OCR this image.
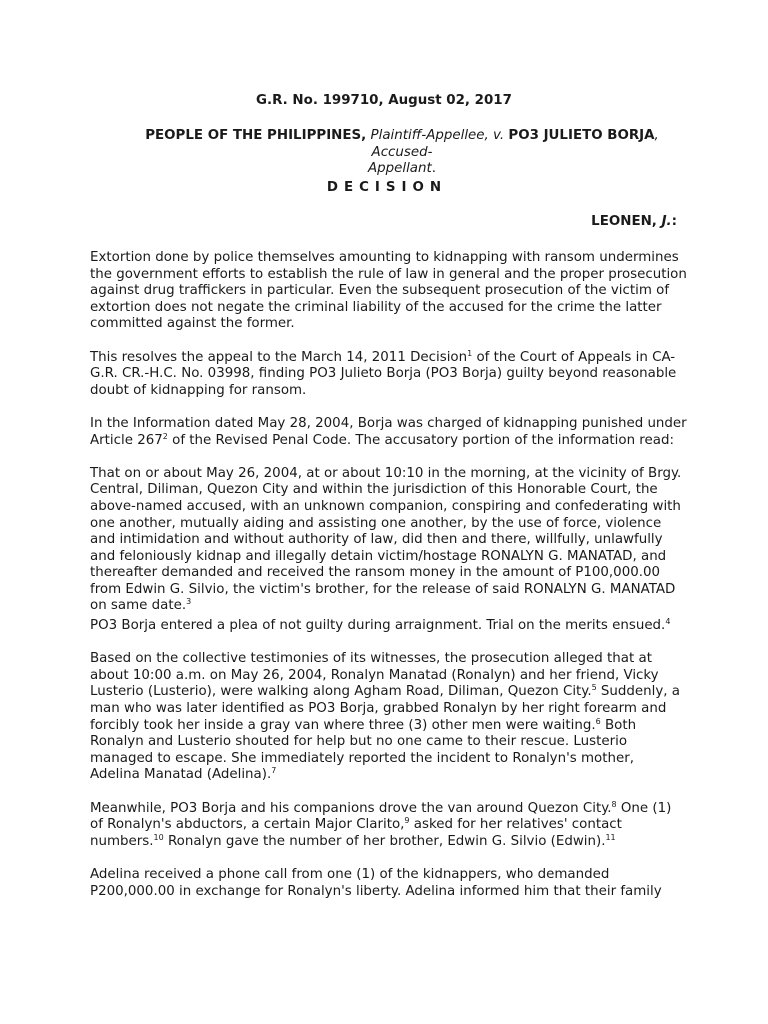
G.R. No. 199710, August 02, 2017
PEOPLE OF THE PHILIPPINES, Plaintiff-Appellee, v. PO3 JULIETO BORJA, Accused-
Appellant.
DECISION
LEONEN, J.:

Extortion done by police themselves amounting to kidnapping with ransom undermines the government efforts to establish the rule of law in general and the proper prosecution against drug traffickers in particular. Even the subsequent prosecution of the victim of extortion does not negate the criminal liability of the accused for the crime the latter committed against the former.

This resolves the appeal to the March 14, 2011 Decision$^1$ of the Court of Appeals in CA-G.R. CR.-H.C. No. 03998, finding PO3 Julieto Borja (PO3 Borja) guilty beyond reasonable doubt of kidnapping for ransom.

In the Information dated May 28, 2004, Borja was charged of kidnapping punished under Article $267^2$ of the Revised Penal Code. The accusatory portion of the information read:

That on or about May 26, 2004, at or about 10:10 in the morning, at the vicinity of Brgy. Central, Diliman, Quezon City and within the jurisdiction of this Honorable Court, the above-named accused, with an unknown companion, conspiring and confederating with one another, mutually aiding and assisting one another, by the use of force, violence and intimidation and without authority of law, did then and there, willfully, unlawfully and feloniously kidnap and illegally detain victim/hostage RONALYN G. MANATAD, and thereafter demanded and received the ransom money in the amount of P100,000.00 from Edwin G. Silvio, the victim's brother, for the release of said RONALYN G. MANATAD on same date.$^3$

PO3 Borja entered a plea of not guilty during arraignment. Trial on the merits ensued.$^4$

Based on the collective testimonies of its witnesses, the prosecution alleged that at about 10:00 a.m. on May 26, 2004, Ronalyn Manatad (Ronalyn) and her friend, Vicky Lusterio (Lusterio), were walking along Agham Road, Diliman, Quezon City.$^5$ Suddenly, a man who was later identified as PO3 Borja, grabbed Ronalyn by her right forearm and forcibly took her inside a gray van where three (3) other men were waiting.$^6$ Both Ronalyn and Lusterio shouted for help but no one came to their rescue. Lusterio managed to escape. She immediately reported the incident to Ronalyn's mother, Adelina Manatad (Adelina).$^7$

Meanwhile, PO3 Borja and his companions drove the van around Quezon City.$^8$ One (1) of Ronalyn's abductors, a certain Major Clarito,$^9$ asked for her relatives' contact numbers.$^{10}$ Ronalyn gave the number of her brother, Edwin G. Silvio (Edwin).$^{11}$

Adelina received a phone call from one (1) of the kidnappers, who demanded P200,000.00 in exchange for Ronalyn's liberty. Adelina informed him that their family
